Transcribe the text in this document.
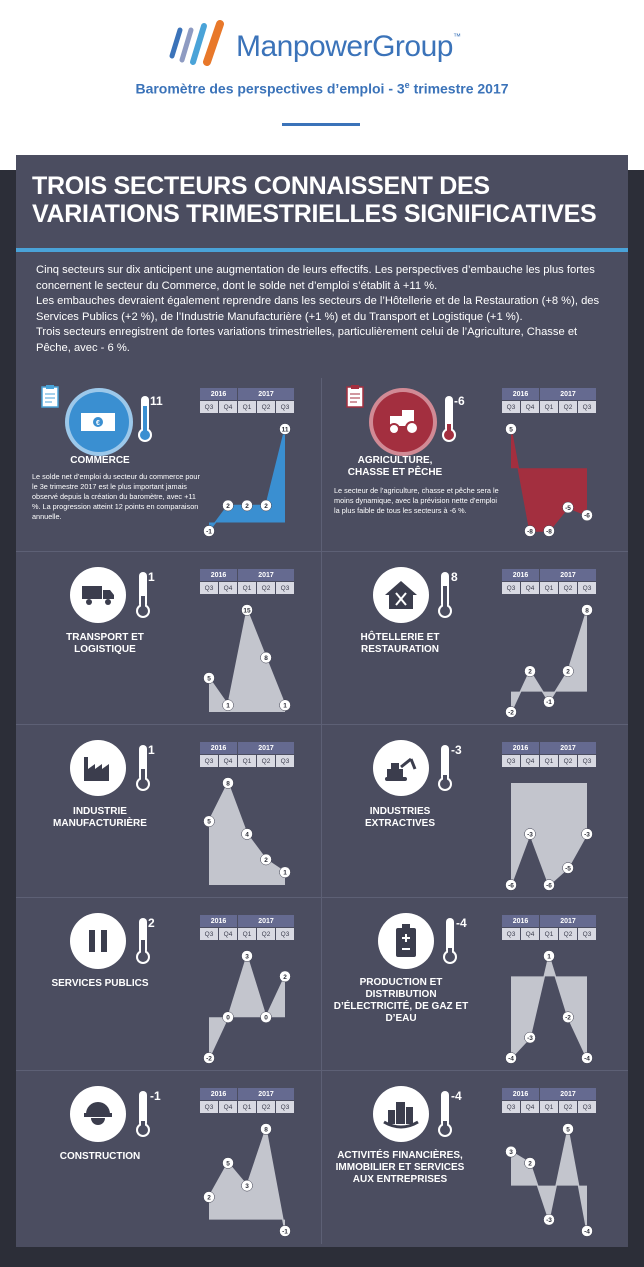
ManpowerGroup™
Baromètre des perspectives d’emploi - 3e trimestre 2017
TROIS SECTEURS CONNAISSENT DES
VARIATIONS TRIMESTRIELLES SIGNIFICATIVES

Cinq secteurs sur dix anticipent une augmentation de leurs effectifs. Les perspectives d’embauche les plus fortes concernent le secteur du Commerce, dont le solde net d’emploi s’établit à +11 %.

Les embauches devraient également reprendre dans les secteurs de l’Hôtellerie et de la Restauration (+8 %), des Services Publics (+2 %), de l’Industrie Manufacturière (+1 %) et du Transport et Logistique (+1 %).

Trois secteurs enregistrent de fortes variations trimestrielles, particulièrement celui de l’Agriculture, Chasse et Pêche, avec - 6 %.

€
11
COMMERCE
Le solde net d’emploi du secteur du commerce pour le 3e trimestre 2017 est le plus important jamais observé depuis la création du baromètre, avec +11 %. La progression atteint 12 points en comparaison annuelle.
2016	2017
Q3	Q4	Q1	Q2	Q3
-1
2 2 2
11
-6
AGRICULTURE, CHASSE ET PÊCHE
Le secteur de l’agriculture, chasse et pêche sera le moins dynamique, avec la prévision nette d’emploi la plus faible de tous les secteurs à -6 %.
2016	2017
Q3	Q4	Q1	Q2	Q3
5
-8 -8
-5
-6
1
TRANSPORT ET LOGISTIQUE
2016	2017
Q3	Q4	Q1	Q2	Q3
5
1
15
8
1
8
HÔTELLERIE ET RESTAURATION
2016	2017
Q3	Q4	Q1	Q2	Q3
-2
2
-1
2
8
1
INDUSTRIE MANUFACTURIÈRE
2016	2017
Q3	Q4	Q1	Q2	Q3
5
8
4
2
1
-3
INDUSTRIES EXTRACTIVES
2016	2017
Q3	Q4	Q1	Q2	Q3
-6
-3
-6
-5
-3
2
SERVICES PUBLICS
2016	2017
Q3	Q4	Q1	Q2	Q3
-2
0
3
0
2
-4
PRODUCTION ET DISTRIBUTION D’ÉLECTRICITÉ, DE GAZ ET D’EAU
2016	2017
Q3	Q4	Q1	Q2	Q3
-4
-3
1
-2
-4
-1
CONSTRUCTION
2016	2017
Q3	Q4	Q1	Q2	Q3
2
5
3
8
-1
-4
ACTIVITÉS FINANCIÈRES, IMMOBILIER ET SERVICES AUX ENTREPRISES
2016	2017
Q3	Q4	Q1	Q2	Q3
3
2
-3
5
-4
